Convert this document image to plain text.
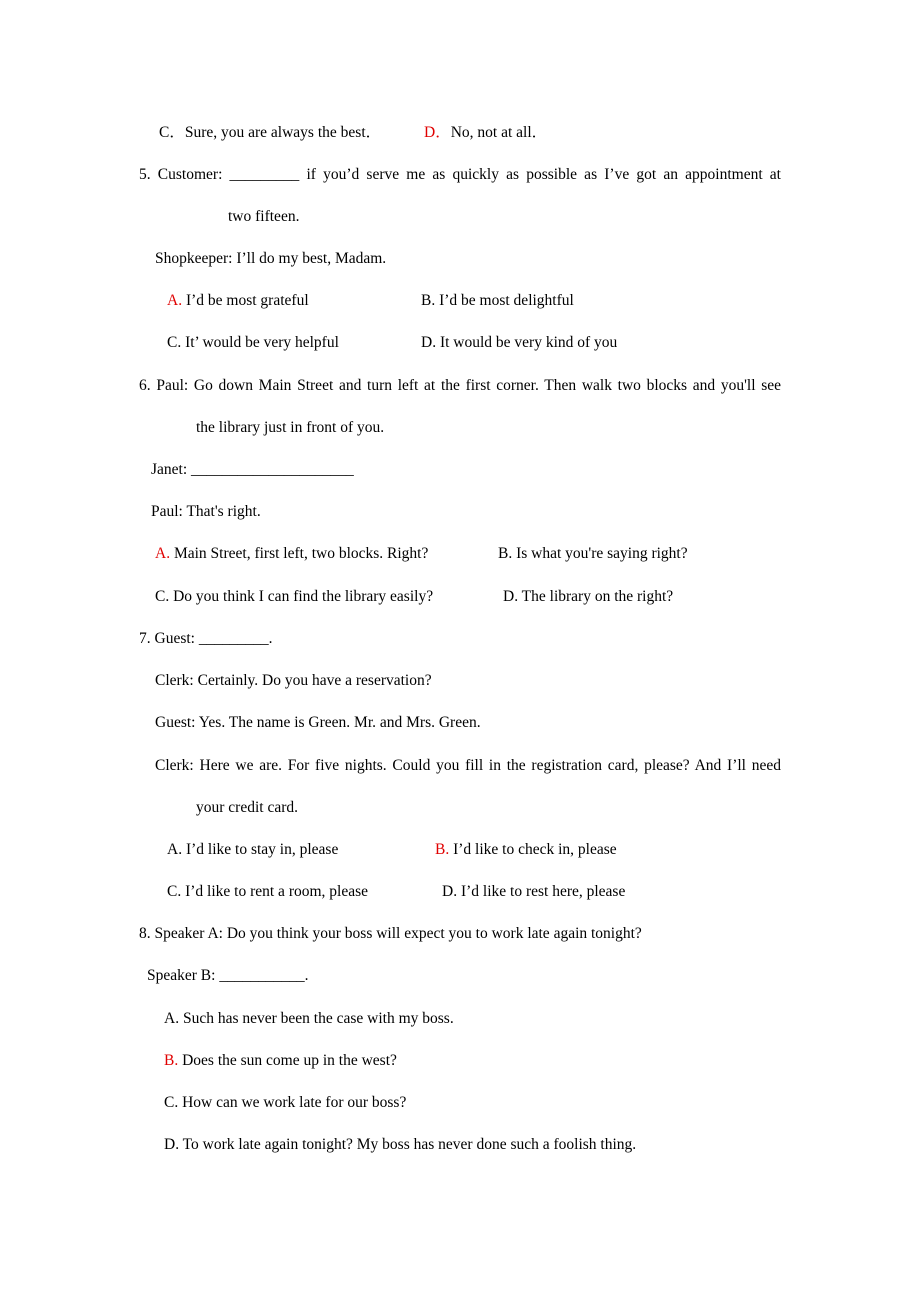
C．Sure, you are always the best．	D．No, not at all．
5. Customer: _________ if you’d serve me as quickly as possible as I’ve got an appointment at
two fifteen.
Shopkeeper: I’ll do my best, Madam.
A. I’d be most grateful	B. I’d be most delightful
C. It’ would be very helpful	D. It would be very kind of you
6. Paul: Go down Main Street and turn left at the first corner. Then walk two blocks and you'll see
the library just in front of you.
Janet: _____________________
Paul: That's right.
A. Main Street, first left, two blocks. Right?	B. Is what you're saying right?
C. Do you think I can find the library easily?	D. The library on the right?
7. Guest: _________.
Clerk: Certainly. Do you have a reservation?
Guest: Yes. The name is Green. Mr. and Mrs. Green.
Clerk: Here we are. For five nights. Could you fill in the registration card, please? And I’ll need
your credit card.
A. I’d like to stay in, please	B. I’d like to check in, please
C. I’d like to rent a room, please	D. I’d like to rest here, please
8. Speaker A: Do you think your boss will expect you to work late again tonight?
Speaker B: ___________.
A. Such has never been the case with my boss.
B. Does the sun come up in the west?
C. How can we work late for our boss?
D. To work late again tonight? My boss has never done such a foolish thing.
